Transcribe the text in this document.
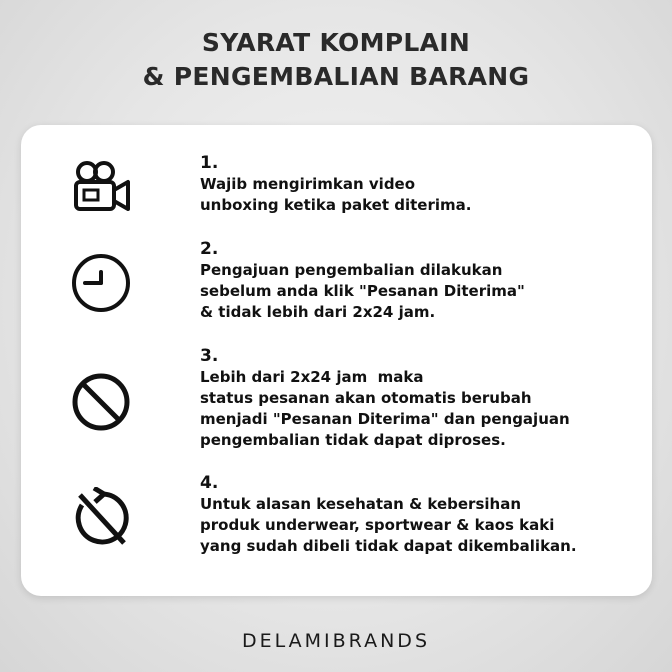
SYARAT KOMPLAIN
& PENGEMBALIAN BARANG
1.
Wajib mengirimkan video
unboxing ketika paket diterima.
2.
Pengajuan pengembalian dilakukan
sebelum anda klik "Pesanan Diterima"
& tidak lebih dari 2x24 jam.
3.
Lebih dari 2x24 jam  maka
status pesanan akan otomatis berubah
menjadi "Pesanan Diterima" dan pengajuan
pengembalian tidak dapat diproses.
4.
Untuk alasan kesehatan & kebersihan
produk underwear, sportwear & kaos kaki
yang sudah dibeli tidak dapat dikembalikan.
DELAMIBRANDS
